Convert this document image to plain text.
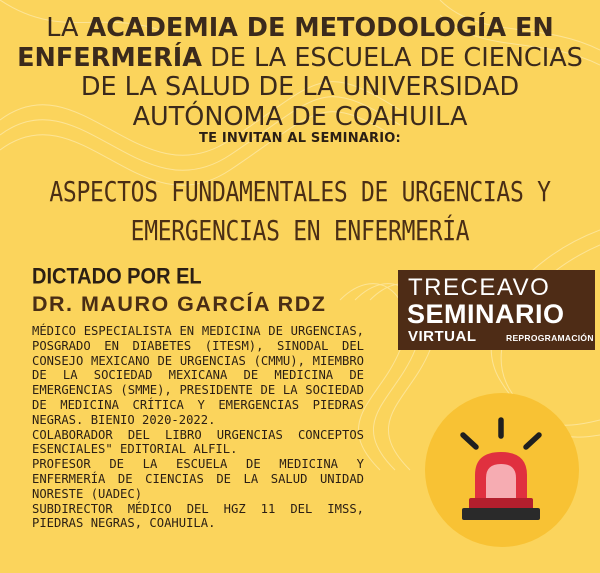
LA ACADEMIA DE METODOLOGÍA EN
ENFERMERÍA DE LA ESCUELA DE CIENCIAS
DE LA SALUD DE LA UNIVERSIDAD
AUTÓNOMA DE COAHUILA
TE INVITAN AL SEMINARIO:
ASPECTOS FUNDAMENTALES DE URGENCIAS Y
EMERGENCIAS EN ENFERMERÍA
DICTADO POR EL
DR. MAURO GARCÍA RDZ

MÉDICO ESPECIALISTA EN MEDICINA DE URGENCIAS, POSGRADO EN DIABETES (ITESM), SINODAL DEL CONSEJO MEXICANO DE URGENCIAS (CMMU), MIEMBRO DE LA SOCIEDAD MEXICANA DE MEDICINA DE EMERGENCIAS (SMME), PRESIDENTE DE LA SOCIEDAD DE MEDICINA CRÍTICA Y EMERGENCIAS PIEDRAS NEGRAS. BIENIO 2020-2022.

COLABORADOR DEL LIBRO URGENCIAS CONCEPTOS ESENCIALES" EDITORIAL ALFIL.

PROFESOR DE LA ESCUELA DE MEDICINA Y ENFERMERÍA DE CIENCIAS DE LA SALUD UNIDAD NORESTE (UADEC)

SUBDIRECTOR MÉDICO DEL HGZ 11 DEL IMSS, PIEDRAS NEGRAS, COAHUILA.

TRECEAVO
SEMINARIO
VIRTUAL	REPROGRAMACIÓN
